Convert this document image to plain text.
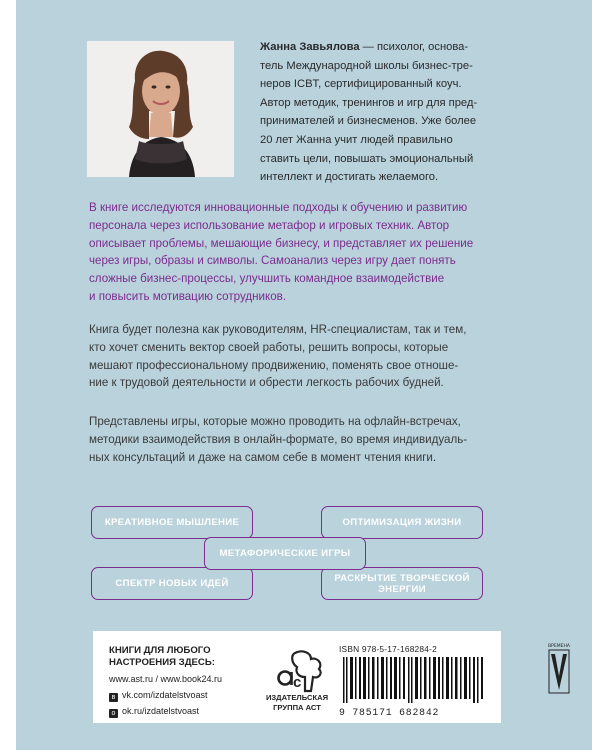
Жанна Завьялова — психолог, основа-
тель Международной школы бизнес-тре-
неров ICBT, сертифицированный коуч.
Автор методик, тренингов и игр для пред-
принимателей и бизнесменов. Уже более
20 лет Жанна учит людей правильно
ставить цели, повышать эмоциональный
интеллект и достигать желаемого.
В книге исследуются инновационные подходы к обучению и развитию
персонала через использование метафор и игровых техник. Автор
описывает проблемы, мешающие бизнесу, и представляет их решение
через игры, образы и символы. Самоанализ через игру дает понять
сложные бизнес-процессы, улучшить командное взаимодействие
и повысить мотивацию сотрудников.
Книга будет полезна как руководителям, HR-специалистам, так и тем,
кто хочет сменить вектор своей работы, решить вопросы, которые
мешают профессиональному продвижению, поменять свое отноше-
ние к трудовой деятельности и обрести легкость рабочих будней.
Представлены игры, которые можно проводить на офлайн-встречах,
методики взаимодействия в онлайн-формате, во время индивидуаль-
ных консультаций и даже на самом себе в момент чтения книги.
КРЕАТИВНОЕ МЫШЛЕНИЕ	ОПТИМИЗАЦИЯ ЖИЗНИ
МЕТАФОРИЧЕСКИЕ ИГРЫ
СПЕКТР НОВЫХ ИДЕЙ	РАСКРЫТИЕ ТВОРЧЕСКОЙ ЭНЕРГИИ
КНИГИ ДЛЯ ЛЮБОГО
НАСТРОЕНИЯ ЗДЕСЬ:
www.ast.ru / www.book24.ru
в vk.com/izdatelstvoast
о ok.ru/izdatelstvoast
c
ИЗДАТЕЛЬСКАЯ
ГРУППА АСТ
ISBN 978-5-17-168284-2
9 785171 682842
ВРЕМЕНА
